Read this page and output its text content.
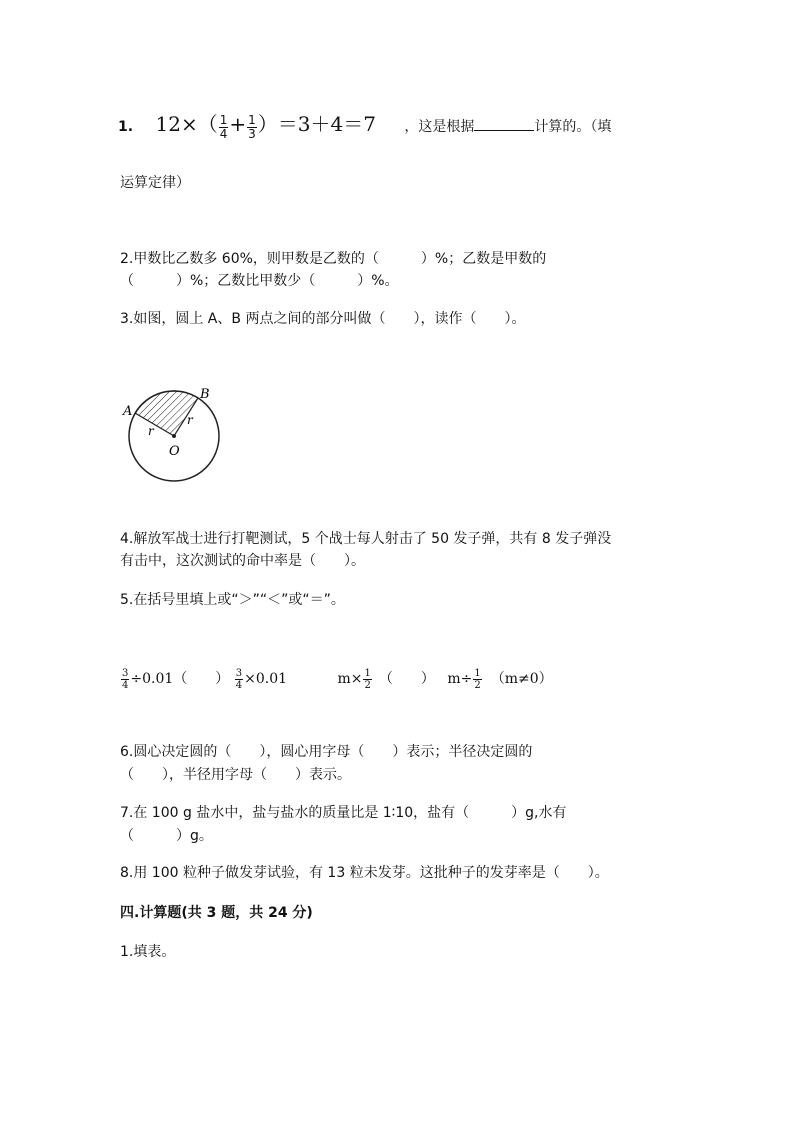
1. $12\times( \frac{1}{4} + \frac{1}{3} )=3+4=7$ ，这是根据	计算的。（填
运算定律）
2.甲数比乙数多 60%，则甲数是乙数的（　　　）%；乙数是甲数的
（　　　）%；乙数比甲数少（　　　）%。
3.如图，圆上 A、B 两点之间的部分叫做（　　），读作（　　）。
A
B
O
r
r
4.解放军战士进行打靶测试，5 个战士每人射击了 50 发子弹，共有 8 发子弹没
有击中，这次测试的命中率是（　　）。
5.在括号里填上或“＞”“＜”或“＝”。
$\frac{3}{4} \div 0.01$（　　） $\frac{3}{4} \times 0.01$	$m\times \frac{1}{2}$ （　　） $m\div \frac{1}{2} (m\ne 0)$
6.圆心决定圆的（　　），圆心用字母（　　）表示；半径决定圆的
（　　），半径用字母（　　）表示。
7.在 100 g 盐水中，盐与盐水的质量比是 1∶10，盐有（　　　）g,水有
（　　　）g。
8.用 100 粒种子做发芽试验，有 13 粒未发芽。这批种子的发芽率是（　　）。
四.计算题(共 3 题，共 24 分)
1.填表。
